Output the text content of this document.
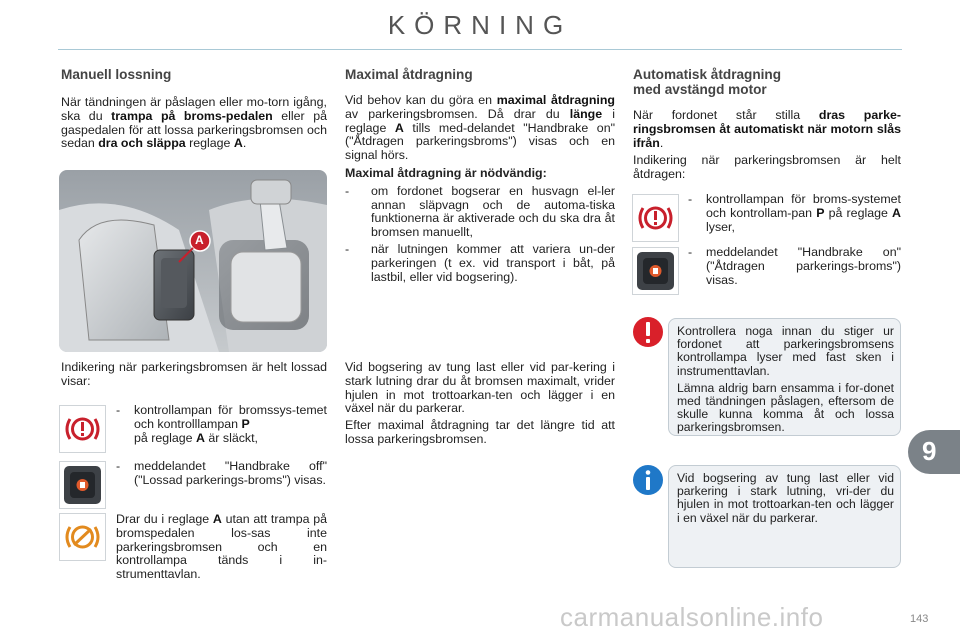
KÖRNING
Manuell lossning

När tändningen är påslagen eller mo-torn igång, ska du trampa på broms-pedalen eller på gaspedalen för att lossa parkeringsbromsen och sedan dra och släppa reglage A.

A
Indikering när parkeringsbromsen är helt lossad visar:
-	kontrollampan för bromssys-temet och kontrolllampan P
på reglage A är släckt,
-	meddelandet "Handbrake off" ("Lossad parkerings-broms") visas.
Drar du i reglage A utan att trampa på bromspedalen los-sas inte parkeringsbromsen och en kontrollampa tänds i in-strumenttavlan.
Maximal åtdragning

Vid behov kan du göra en maximal åtdragning av parkeringsbromsen. Då drar du länge i reglage A tills med-delandet "Handbrake on" ("Åtdragen parkeringsbroms") visas och en signal hörs.

Maximal åtdragning är nödvändig:

-	om fordonet bogserar en husvagn el-ler annan släpvagn och de automa-tiska funktionerna är aktiverade och du ska dra åt bromsen manuellt,
-	när lutningen kommer att variera un-der parkeringen (t ex. vid transport i båt, på lastbil, eller vid bogsering).

Vid bogsering av tung last eller vid par-kering i stark lutning drar du åt bromsen maximalt, vrider hjulen in mot trottoarkan-ten och lägger i en växel när du parkerar.

Efter maximal åtdragning tar det längre tid att lossa parkeringsbromsen.

Automatisk åtdragning
med avstängd motor

När fordonet står stilla dras parke-ringsbromsen åt automatiskt när motorn slås ifrån.

Indikering när parkeringsbromsen är helt åtdragen:

-	kontrollampan för broms-systemet och kontrollam-pan P på reglage A lyser,
-	meddelandet "Handbrake on" ("Åtdragen parkerings-broms") visas.

Kontrollera noga innan du stiger ur fordonet att parkeringsbromsens kontrollampa lyser med fast sken i instrumenttavlan.

Lämna aldrig barn ensamma i for-donet med tändningen påslagen, eftersom de skulle kunna komma åt och lossa parkeringsbromsen.

Vid bogsering av tung last eller vid parkering i stark lutning, vri-der du hjulen in mot trottoarkan-ten och lägger i en växel när du parkerar.
9
carmanualsonline.info	143
